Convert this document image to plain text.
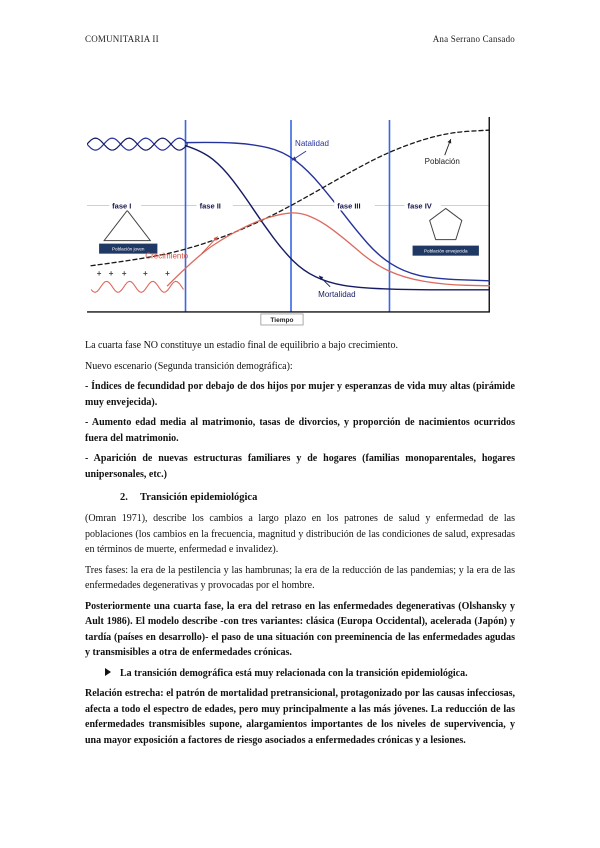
COMUNITARIA II	Ana Serrano Cansado
+ + + + +
Población joven	Población envejecida
Natalidad
Población
Mortalidad
Crecimiento
fase I	fase II	fase III	fase IV
Tiempo

La cuarta fase NO constituye un estadio final de equilibrio a bajo crecimiento.

Nuevo escenario (Segunda transición demográfica):

- Índices de fecundidad por debajo de dos hijos por mujer y esperanzas de vida muy altas (pirámide muy envejecida).

- Aumento edad media al matrimonio, tasas de divorcios, y proporción de nacimientos ocurridos fuera del matrimonio.

- Aparición de nuevas estructuras familiares y de hogares (familias monoparentales, hogares unipersonales, etc.)

2. Transición epidemiológica

(Omran 1971), describe los cambios a largo plazo en los patrones de salud y enfermedad de las poblaciones (los cambios en la frecuencia, magnitud y distribución de las condiciones de salud, expresadas en términos de muerte, enfermedad e invalidez).

Tres fases: la era de la pestilencia y las hambrunas; la era de la reducción de las pandemias; y la era de las enfermedades degenerativas y provocadas por el hombre.

Posteriormente una cuarta fase, la era del retraso en las enfermedades degenerativas (Olshansky y Ault 1986). El modelo describe -con tres variantes: clásica (Europa Occidental), acelerada (Japón) y tardía (países en desarrollo)- el paso de una situación con preeminencia de las enfermedades agudas y transmisibles a otra de enfermedades crónicas.

La transición demográfica está muy relacionada con la transición epidemiológica.

Relación estrecha: el patrón de mortalidad pretransicional, protagonizado por las causas infecciosas, afecta a todo el espectro de edades, pero muy principalmente a las más jóvenes. La reducción de las enfermedades transmisibles supone, alargamientos importantes de los niveles de supervivencia, y una mayor exposición a factores de riesgo asociados a enfermedades crónicas y a lesiones.
